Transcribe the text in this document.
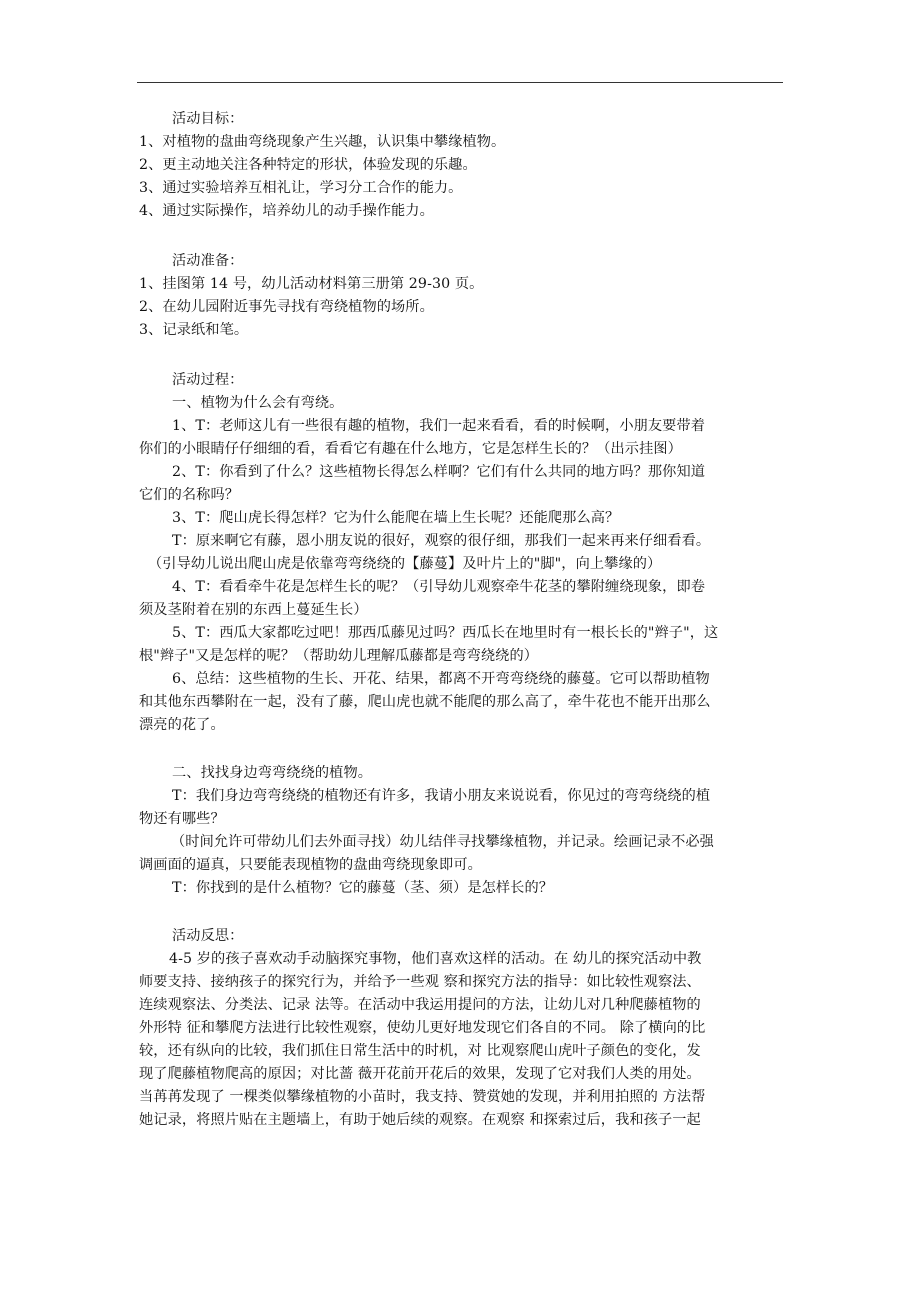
活动目标：
1、对植物的盘曲弯绕现象产生兴趣，认识集中攀缘植物。
2、更主动地关注各种特定的形状，体验发现的乐趣。
3、通过实验培养互相礼让，学习分工合作的能力。
4、通过实际操作，培养幼儿的动手操作能力。
活动准备：
1、挂图第 14 号，幼儿活动材料第三册第 29-30 页。
2、在幼儿园附近事先寻找有弯绕植物的场所。
3、记录纸和笔。
活动过程：
一、植物为什么会有弯绕。
1、T：老师这儿有一些很有趣的植物，我们一起来看看，看的时候啊，小朋友要带着
你们的小眼睛仔仔细细的看，看看它有趣在什么地方，它是怎样生长的？（出示挂图）
2、T：你看到了什么？这些植物长得怎么样啊？它们有什么共同的地方吗？那你知道
它们的名称吗？
3、T：爬山虎长得怎样？它为什么能爬在墙上生长呢？还能爬那么高？
T：原来啊它有藤，恩小朋友说的很好，观察的很仔细，那我们一起来再来仔细看看。
（引导幼儿说出爬山虎是依靠弯弯绕绕的【藤蔓】及叶片上的"脚"，向上攀缘的）
4、T：看看牵牛花是怎样生长的呢？（引导幼儿观察牵牛花茎的攀附缠绕现象，即卷
须及茎附着在别的东西上蔓延生长）
5、T：西瓜大家都吃过吧！那西瓜藤见过吗？西瓜长在地里时有一根长长的"辫子"，这
根"辫子"又是怎样的呢？（帮助幼儿理解瓜藤都是弯弯绕绕的）
6、总结：这些植物的生长、开花、结果，都离不开弯弯绕绕的藤蔓。它可以帮助植物
和其他东西攀附在一起，没有了藤，爬山虎也就不能爬的那么高了，牵牛花也不能开出那么
漂亮的花了。
二、找找身边弯弯绕绕的植物。
T：我们身边弯弯绕绕的植物还有许多，我请小朋友来说说看，你见过的弯弯绕绕的植
物还有哪些？
（时间允许可带幼儿们去外面寻找）幼儿结伴寻找攀缘植物，并记录。绘画记录不必强
调画面的逼真，只要能表现植物的盘曲弯绕现象即可。
T：你找到的是什么植物？它的藤蔓（茎、须）是怎样长的？
活动反思：
4-5 岁的孩子喜欢动手动脑探究事物，他们喜欢这样的活动。在 幼儿的探究活动中教
师要支持、接纳孩子的探究行为，并给予一些观 察和探究方法的指导：如比较性观察法、
连续观察法、分类法、记录 法等。在活动中我运用提问的方法，让幼儿对几种爬藤植物的
外形特 征和攀爬方法进行比较性观察，使幼儿更好地发现它们各自的不同。 除了横向的比
较，还有纵向的比较，我们抓住日常生活中的时机，对 比观察爬山虎叶子颜色的变化，发
现了爬藤植物爬高的原因；对比蔷 薇开花前开花后的效果，发现了它对我们人类的用处。
当苒苒发现了 一棵类似攀缘植物的小苗时，我支持、赞赏她的发现，并利用拍照的 方法帮
她记录，将照片贴在主题墙上，有助于她后续的观察。在观察 和探索过后，我和孩子一起
